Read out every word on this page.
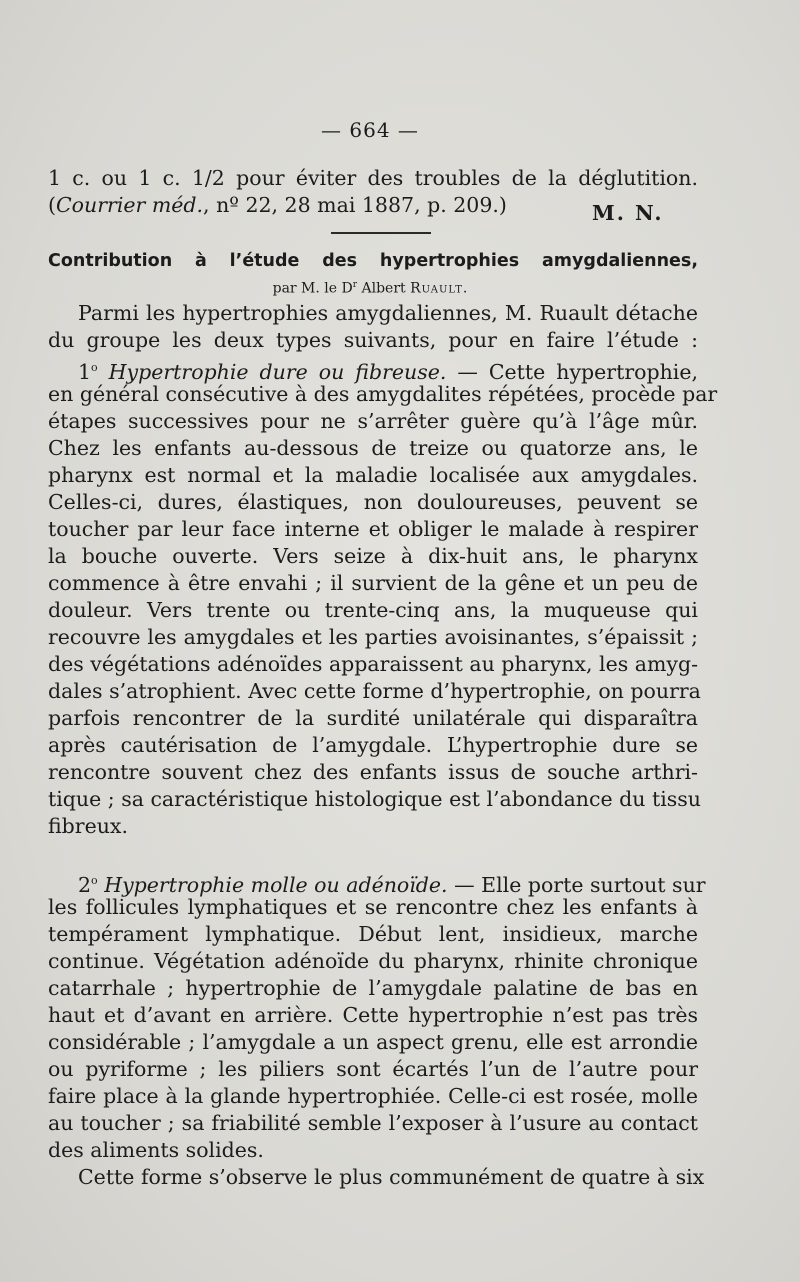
— 664 —
1 c. ou 1 c. 1/2 pour éviter des troubles de la déglutition.
(Courrier méd., nº 22, 28 mai 1887, p. 209.)	M. N.
Contribution à l’étude des hypertrophies amygdaliennes,
par M. le $D^r$ Albert Ruault.
Parmi les hypertrophies amygdaliennes, M. Ruault détache
du groupe les deux types suivants, pour en faire l’étude :
1$^o$ Hypertrophie dure ou fibreuse. — Cette hypertrophie,
en général consécutive à des amygdalites répétées, procède par
étapes successives pour ne s’arrêter guère qu’à l’âge mûr.
Chez les enfants au-dessous de treize ou quatorze ans, le
pharynx est normal et la maladie localisée aux amygdales.
Celles-ci, dures, élastiques, non douloureuses, peuvent se
toucher par leur face interne et obliger le malade à respirer
la bouche ouverte. Vers seize à dix-huit ans, le pharynx
commence à être envahi ; il survient de la gêne et un peu de
douleur. Vers trente ou trente-cinq ans, la muqueuse qui
recouvre les amygdales et les parties avoisinantes, s’épaissit ;
des végétations adénoïdes apparaissent au pharynx, les amyg-
dales s’atrophient. Avec cette forme d’hypertrophie, on pourra
parfois rencontrer de la surdité unilatérale qui disparaîtra
après cautérisation de l’amygdale. L’hypertrophie dure se
rencontre souvent chez des enfants issus de souche arthri-
tique ; sa caractéristique histologique est l’abondance du tissu
fibreux.
2$^o$ Hypertrophie molle ou adénoïde. — Elle porte surtout sur
les follicules lymphatiques et se rencontre chez les enfants à
tempérament lymphatique. Début lent, insidieux, marche
continue. Végétation adénoïde du pharynx, rhinite chronique
catarrhale ; hypertrophie de l’amygdale palatine de bas en
haut et d’avant en arrière. Cette hypertrophie n’est pas très
considérable ; l’amygdale a un aspect grenu, elle est arrondie
ou pyriforme ; les piliers sont écartés l’un de l’autre pour
faire place à la glande hypertrophiée. Celle-ci est rosée, molle
au toucher ; sa friabilité semble l’exposer à l’usure au contact
des aliments solides.
Cette forme s’observe le plus communément de quatre à six
